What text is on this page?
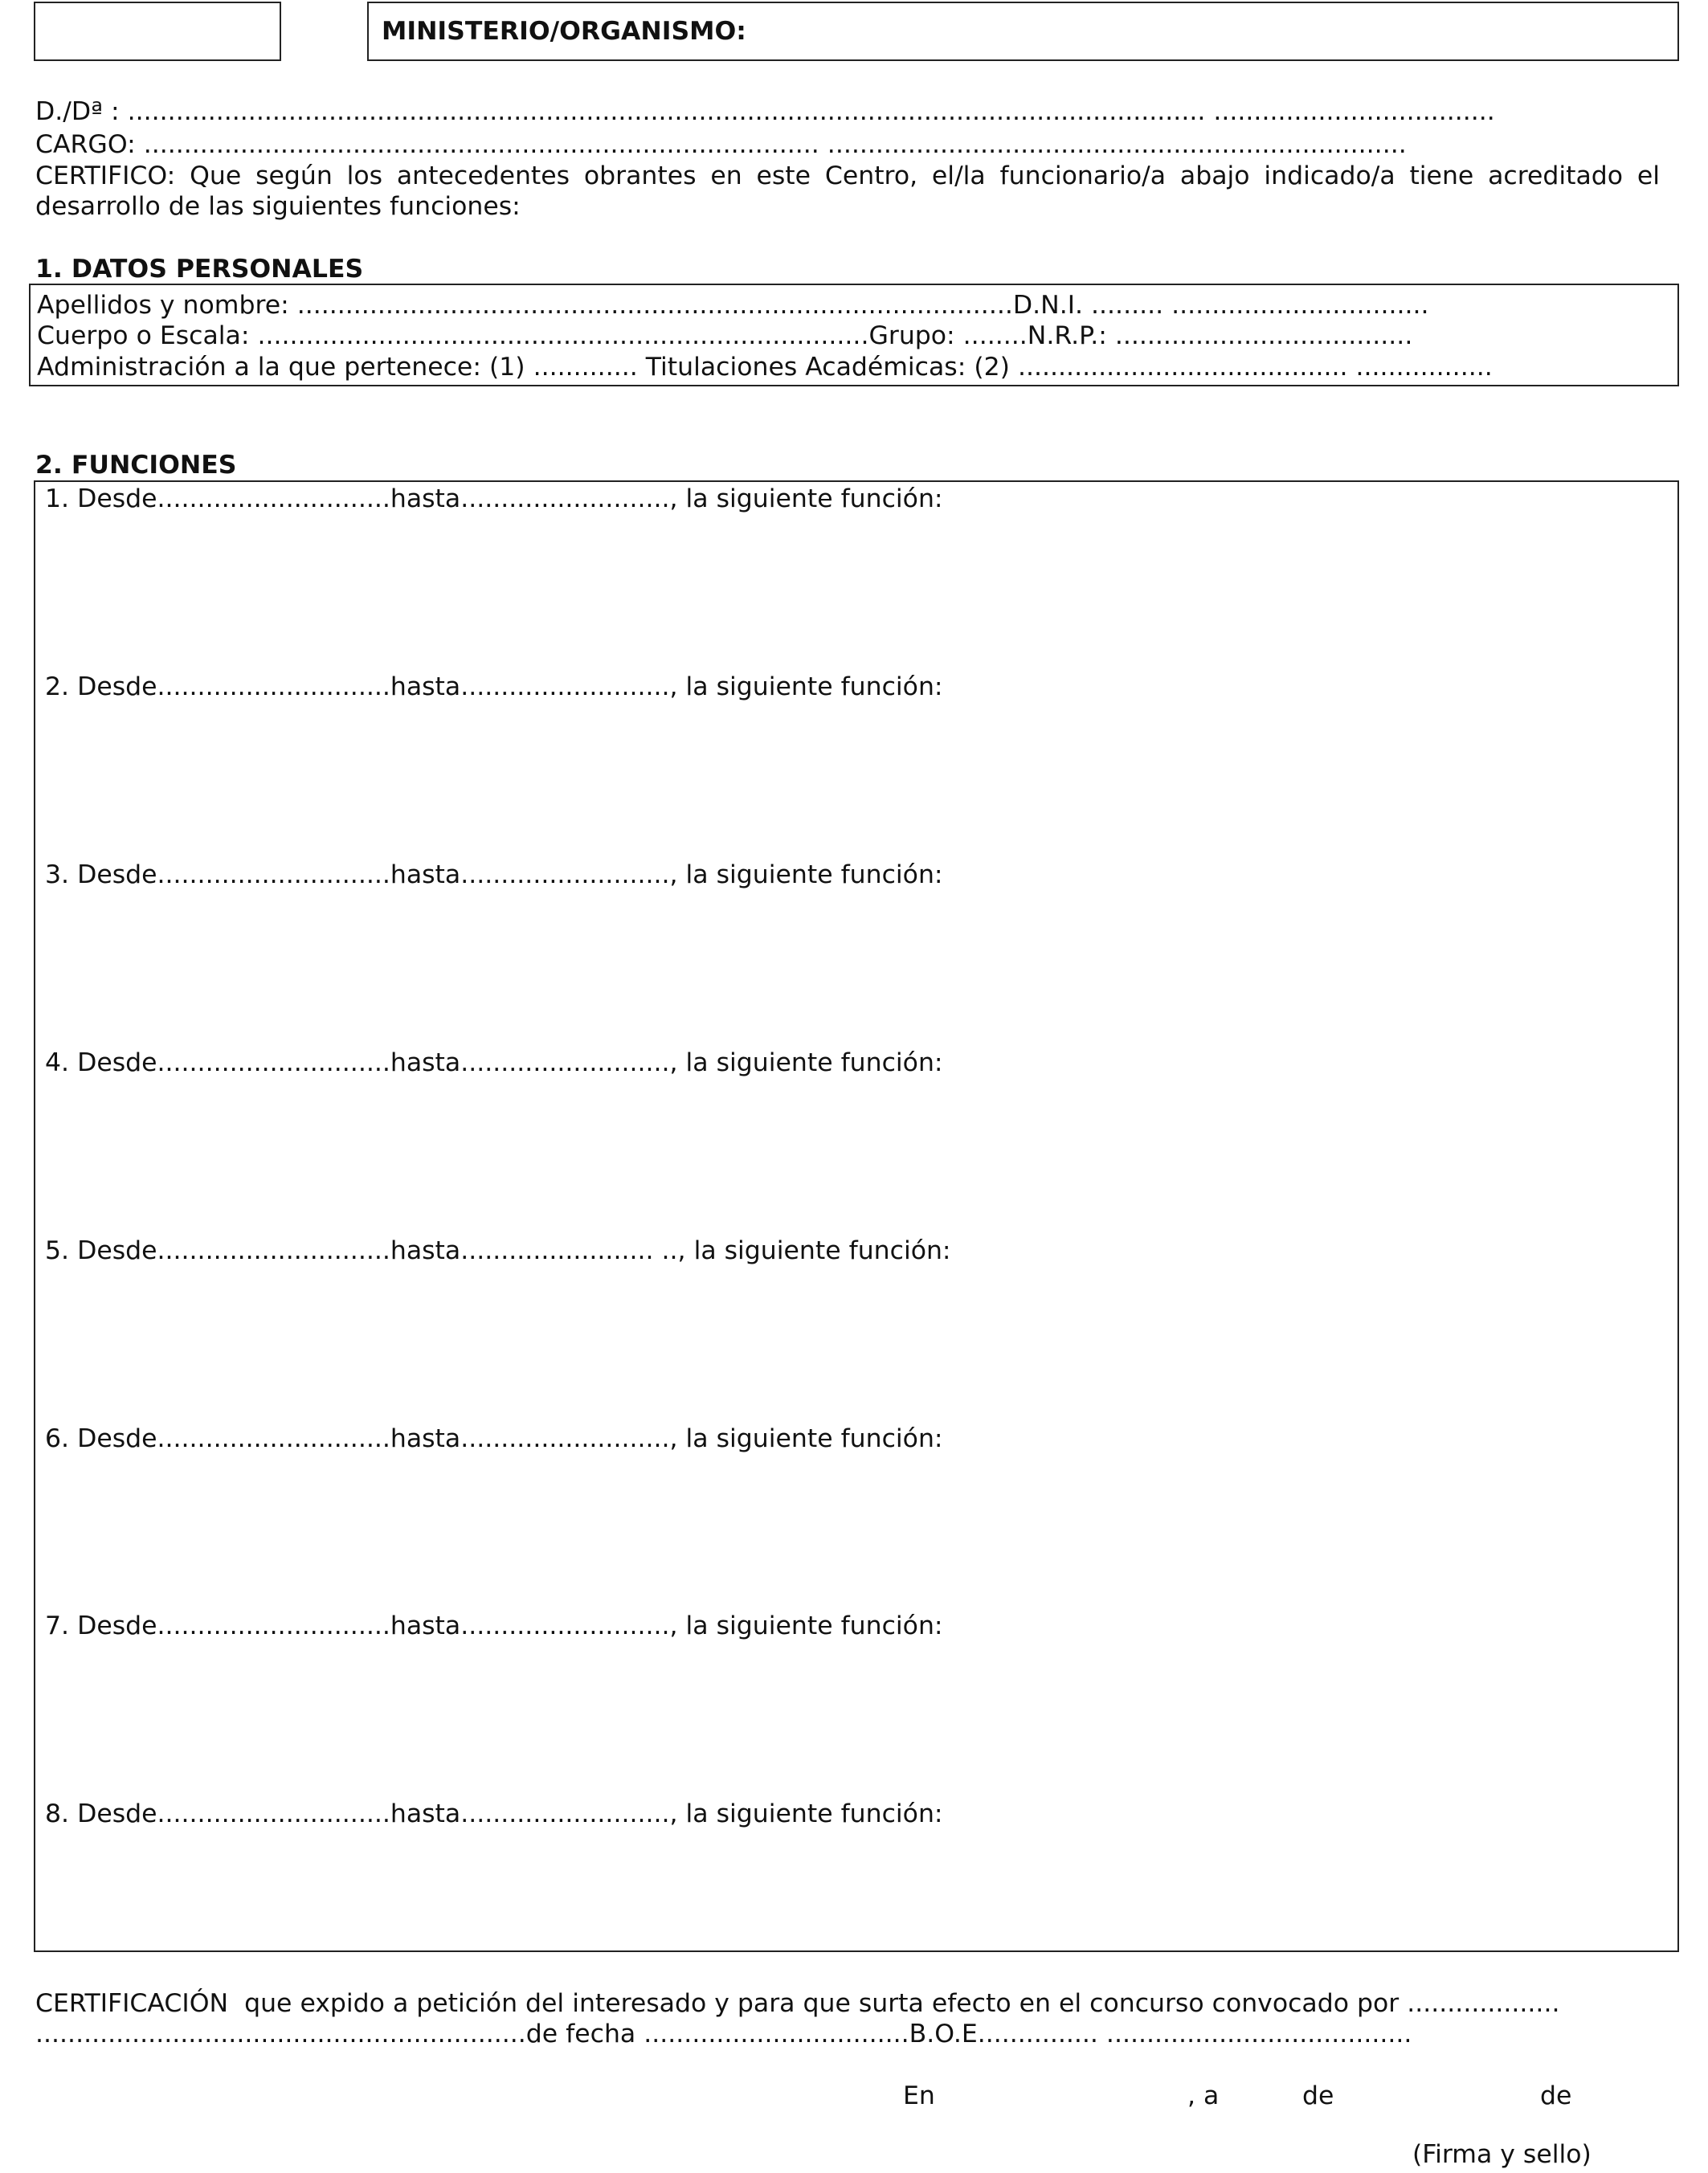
MINISTERIO/ORGANISMO:
D./Dª : ...................................................................................................................................... ...................................
CARGO: .................................................................................... ........................................................................
CERTIFICO: Que según los antecedentes obrantes en este Centro, el/la funcionario/a abajo indicado/a tiene acreditado el
desarrollo de las siguientes funciones:
1. DATOS PERSONALES
Apellidos y nombre: .........................................................................................D.N.I. ......... ................................
Cuerpo o Escala: ............................................................................Grupo: ........N.R.P.: .....................................
Administración a la que pertenece: (1) ............. Titulaciones Académicas: (2) ......................................... .................
2. FUNCIONES
1. Desde.............................hasta.........................., la siguiente función:
2. Desde.............................hasta.........................., la siguiente función:
3. Desde.............................hasta.........................., la siguiente función:
4. Desde.............................hasta.........................., la siguiente función:
5. Desde.............................hasta........................ .., la siguiente función:
6. Desde.............................hasta.........................., la siguiente función:
7. Desde.............................hasta.........................., la siguiente función:
8. Desde.............................hasta.........................., la siguiente función:
CERTIFICACIÓN  que expido a petición del interesado y para que surta efecto en el concurso convocado por ...................
.............................................................de fecha .................................B.O.E............... ......................................
En	, a	de	de
(Firma y sello)
